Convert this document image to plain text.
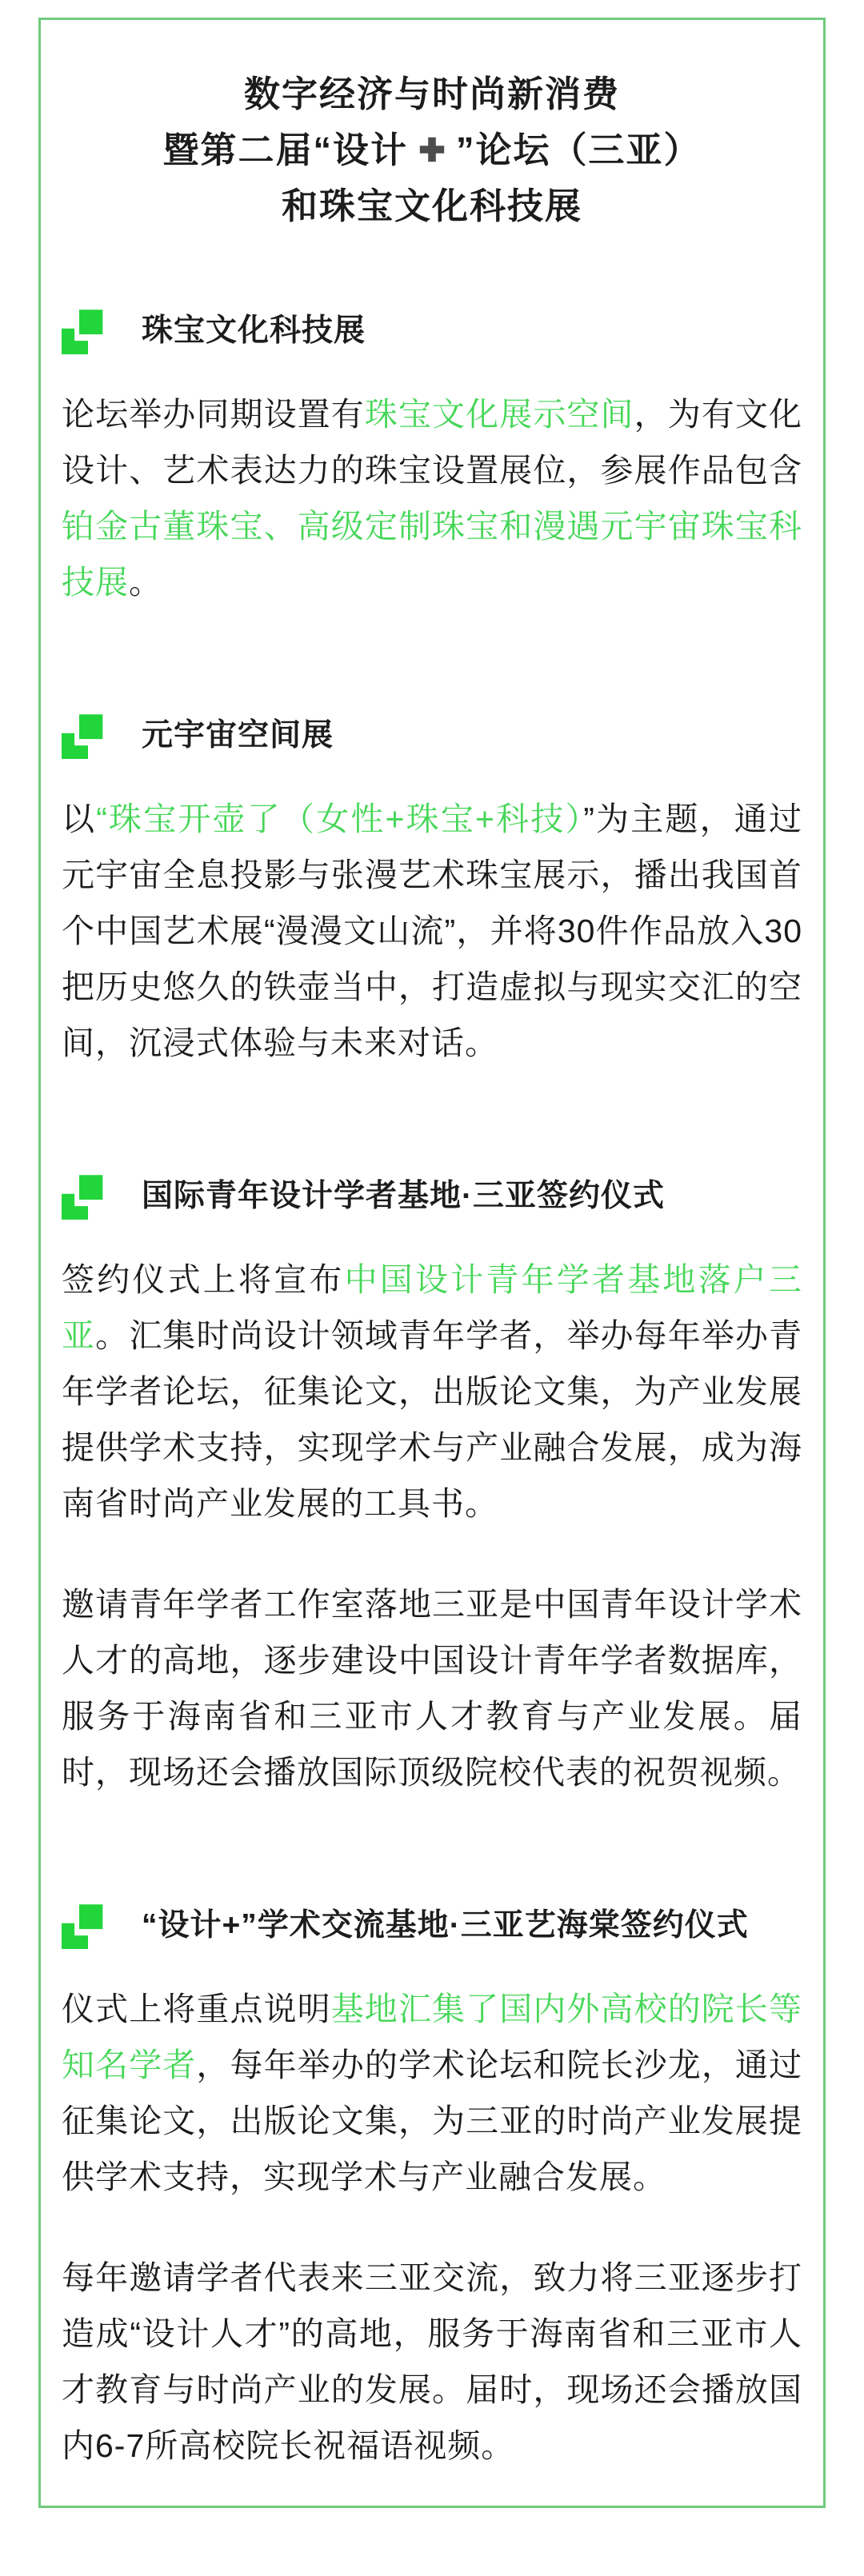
数字经济与时尚新消费
暨第二届“设计 ”论坛（三亚）
和珠宝文化科技展
珠宝文化科技展

论坛举办同期设置有珠宝文化展示空间，为有文化设计、艺术表达力的珠宝设置展位，参展作品包含铂金古董珠宝、高级定制珠宝和漫遇元宇宙珠宝科技展。

元宇宙空间展

以“珠宝开壶了（女性+珠宝+科技）”为主题，通过元宇宙全息投影与张漫艺术珠宝展示，播出我国首个中国艺术展“漫漫文山流”，并将30件作品放入30把历史悠久的铁壶当中，打造虚拟与现实交汇的空间，沉浸式体验与未来对话。

国际青年设计学者基地·三亚签约仪式

签约仪式上将宣布中国设计青年学者基地落户三亚。汇集时尚设计领域青年学者，举办每年举办青年学者论坛，征集论文，出版论文集，为产业发展提供学术支持，实现学术与产业融合发展，成为海南省时尚产业发展的工具书。

邀请青年学者工作室落地三亚是中国青年设计学术人才的高地，逐步建设中国设计青年学者数据库，服务于海南省和三亚市人才教育与产业发展。届时，现场还会播放国际顶级院校代表的祝贺视频。

“设计+”学术交流基地·三亚艺海棠签约仪式

仪式上将重点说明基地汇集了国内外高校的院长等知名学者，每年举办的学术论坛和院长沙龙，通过征集论文，出版论文集，为三亚的时尚产业发展提供学术支持，实现学术与产业融合发展。

每年邀请学者代表来三亚交流，致力将三亚逐步打造成“设计人才”的高地，服务于海南省和三亚市人才教育与时尚产业的发展。届时，现场还会播放国内6-7所高校院长祝福语视频。
